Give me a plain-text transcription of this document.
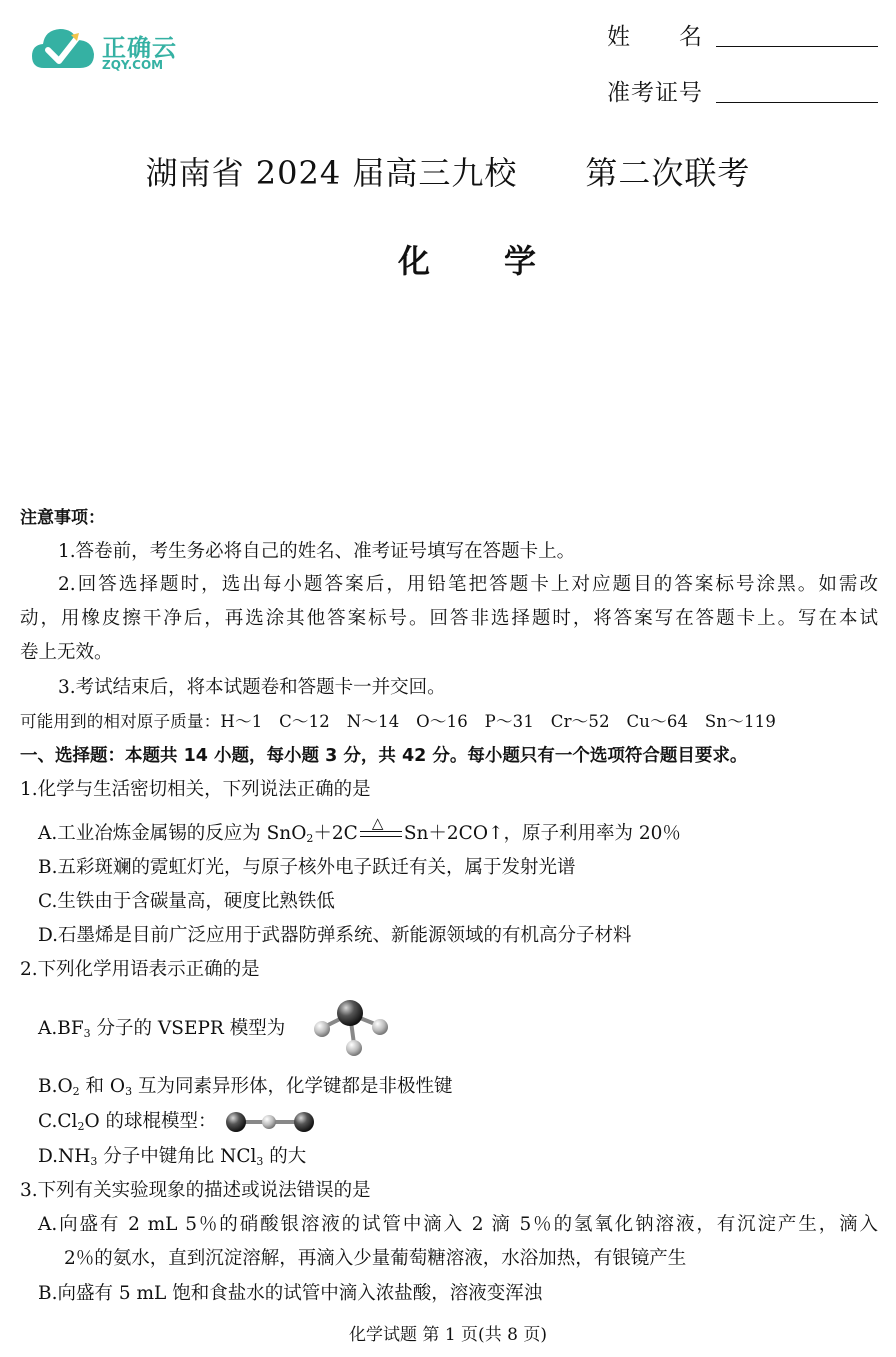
正确云
ZQY.COM
姓　　名
准考证号
湖南省 2024 届高三九校 第二次联考
化学
注意事项：
1.答卷前，考生务必将自己的姓名、准考证号填写在答题卡上。
2.回答选择题时，选出每小题答案后，用铅笔把答题卡上对应题目的答案标号涂黑。如需改
动，用橡皮擦干净后，再选涂其他答案标号。回答非选择题时，将答案写在答题卡上。写在本试
卷上无效。
3.考试结束后，将本试题卷和答题卡一并交回。
可能用到的相对原子质量：H～1　C～12　N～14　O～16　P～31　Cr～52　Cu～64　Sn～119
一、选择题：本题共 14 小题，每小题 3 分，共 42 分。每小题只有一个选项符合题目要求。
1.化学与生活密切相关，下列说法正确的是
A.工业冶炼金属锡的反应为 SnO$_2$＋2C △ Sn＋2CO↑，原子利用率为 20％
B.五彩斑斓的霓虹灯光，与原子核外电子跃迁有关，属于发射光谱
C.生铁由于含碳量高，硬度比熟铁低
D.石墨烯是目前广泛应用于武器防弹系统、新能源领域的有机高分子材料
2.下列化学用语表示正确的是
$A.BF_3$ 分子的 VSEPR 模型为
$B.O_2$ 和 $O_3$ 互为同素异形体，化学键都是非极性键
$C.Cl_2O$ 的球棍模型：
$D.NH_3$ 分子中键角比 NCl$_3$ 的大
3.下列有关实验现象的描述或说法错误的是
A.向盛有 2 mL 5％的硝酸银溶液的试管中滴入 2 滴 5％的氢氧化钠溶液，有沉淀产生，滴入
2％的氨水，直到沉淀溶解，再滴入少量葡萄糖溶液，水浴加热，有银镜产生
B.向盛有 5 mL 饱和食盐水的试管中滴入浓盐酸，溶液变浑浊
化学试题 第 1 页(共 8 页)
